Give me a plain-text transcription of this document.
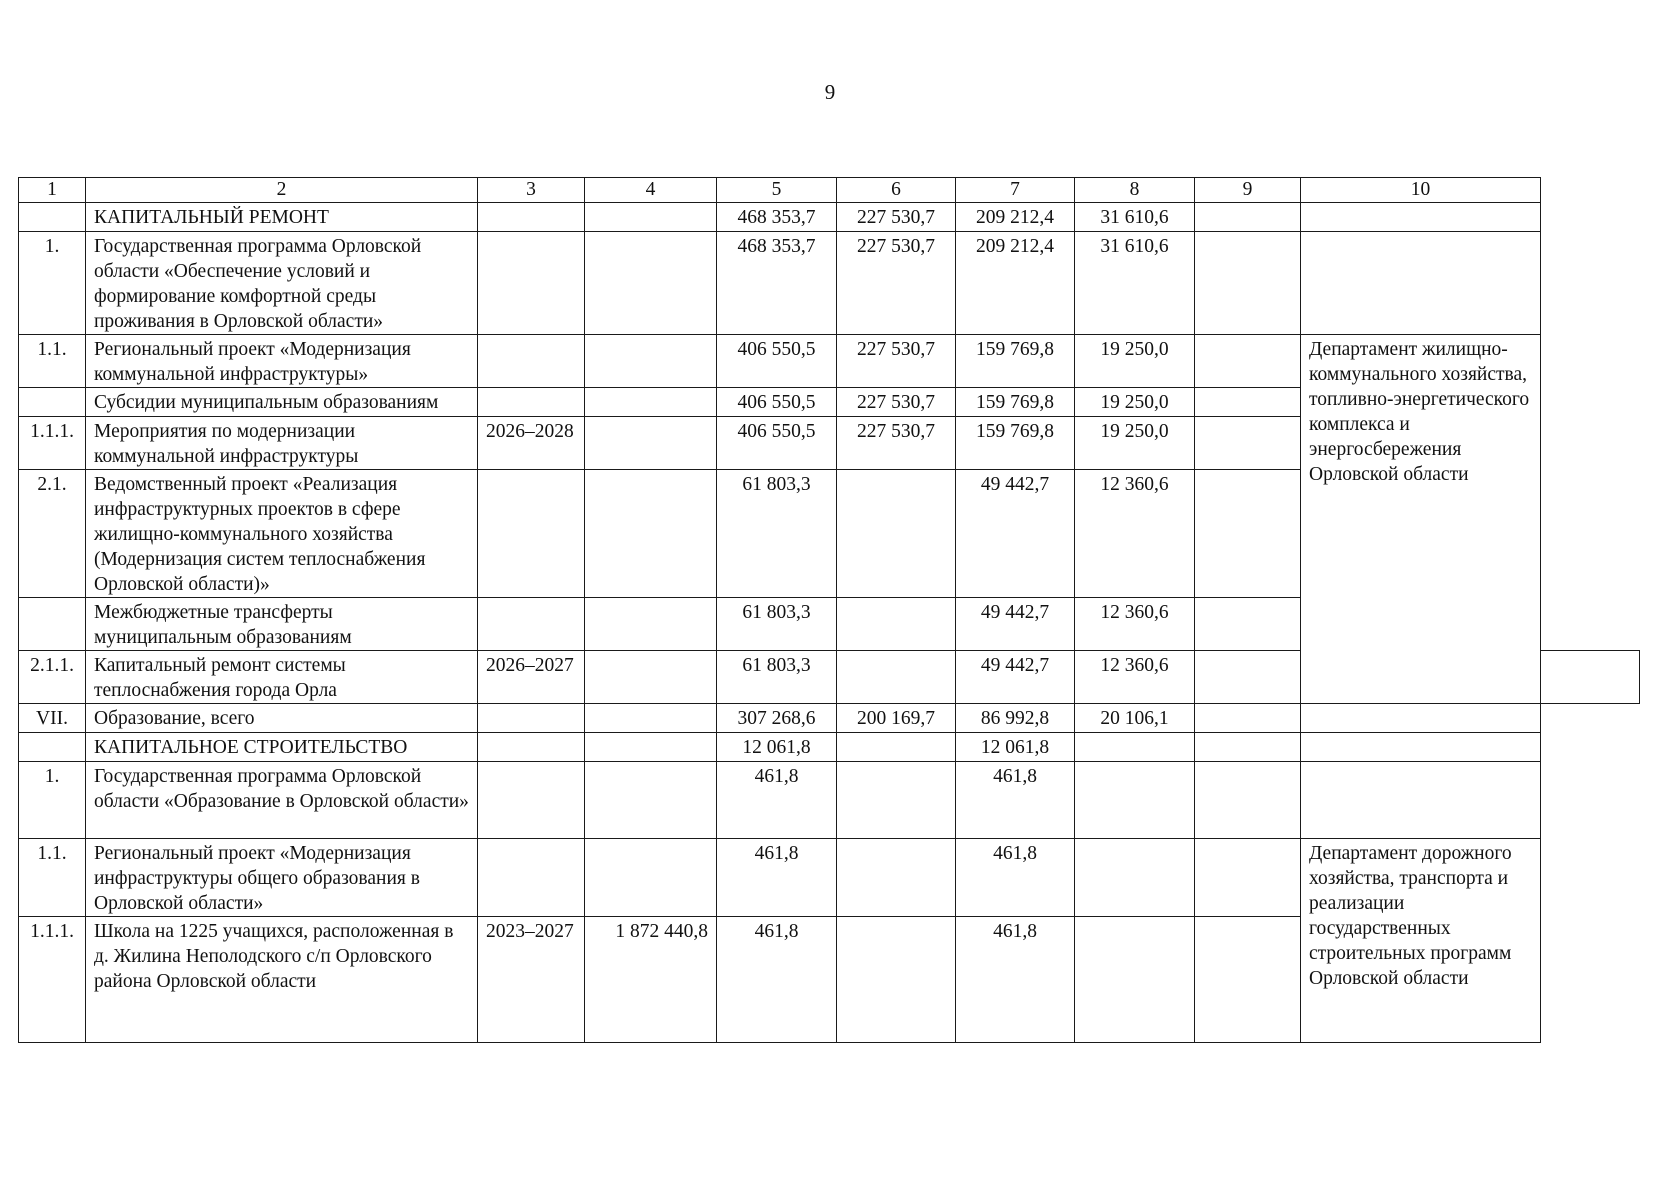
9
1	2	3	4	5	6	7	8	9	10	
	КАПИТАЛЬНЫЙ РЕМОНТ			468 353,7	227 530,7	209 212,4	31 610,6			
1.	Государственная программа Орловской области «Обеспечение условий и формирование комфортной среды проживания в Орловской области»			468 353,7	227 530,7	209 212,4	31 610,6			
1.1.	Региональный проект «Модернизация коммунальной инфраструктуры»			406 550,5	227 530,7	159 769,8	19 250,0		Департамент жилищно-коммунального хозяйства, топливно-энергетического комплекса и энергосбережения Орловской области	
	Субсидии муниципальным образованиям			406 550,5	227 530,7	159 769,8	19 250,0			
1.1.1.	Мероприятия по модернизации коммунальной инфраструктуры	2026–2028		406 550,5	227 530,7	159 769,8	19 250,0			
2.1.	Ведомственный проект «Реализация инфраструктурных проектов в сфере жилищно-коммунального хозяйства (Модернизация систем теплоснабжения Орловской области)»			61 803,3		49 442,7	12 360,6			
	Межбюджетные трансферты муниципальным образованиям			61 803,3		49 442,7	12 360,6			
2.1.1.	Капитальный ремонт системы теплоснабжения города Орла	2026–2027		61 803,3		49 442,7	12 360,6			
VII.	Образование, всего			307 268,6	200 169,7	86 992,8	20 106,1			
	КАПИТАЛЬНОЕ СТРОИТЕЛЬСТВО			12 061,8		12 061,8				
1.	Государственная программа Орловской области «Образование в Орловской области»			461,8		461,8				
1.1.	Региональный проект «Модернизация инфраструктуры общего образования в Орловской области»			461,8		461,8			Департамент дорожного хозяйства, транспорта и реализации государственных строительных программ Орловской области	
1.1.1.	Школа на 1225 учащихся, расположенная в д. Жилина Неполодского с/п Орловского района Орловской области	2023–2027	1 872 440,8	461,8		461,8				
